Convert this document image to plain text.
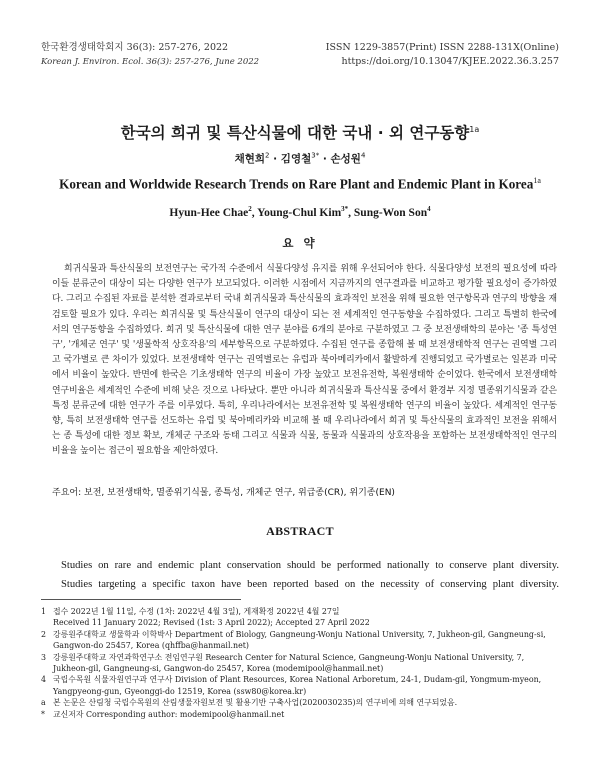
한국환경생태학회지 36(3): 257-276, 2022
Korean J. Environ. Ecol. 36(3): 257-276, June 2022
ISSN 1229-3857(Print) ISSN 2288-131X(Online)
https://doi.org/10.13047/KJEE.2022.36.3.257
한국의 희귀 및 특산식물에 대한 국내 · 외 연구동향$^{1a}$
채현희$^2$ · 김영철$^{3*}$ · 손성원$^4$
Korean and Worldwide Research Trends on Rare Plant and Endemic Plant in Korea$^{1a}$
Hyun-Hee Chae$^2$, Young-Chul Kim$^{3*}$, Sung-Won Son$^4$
요 약
희귀식물과 특산식물의 보전연구는 국가적 수준에서 식물다양성 유지를 위해 우선되어야 한다. 식물다양성 보전의 필요성에 따라 이들 분류군이 대상이 되는 다양한 연구가 보고되었다. 이러한 시점에서 지금까지의 연구결과를 비교하고 평가할 필요성이 증가하였다. 그리고 수집된 자료를 분석한 결과로부터 국내 희귀식물과 특산식물의 효과적인 보전을 위해 필요한 연구항목과 연구의 방향을 재검토할 필요가 있다. 우리는 희귀식물 및 특산식물이 연구의 대상이 되는 전 세계적인 연구동향을 수집하였다. 그리고 특별히 한국에서의 연구동향을 수집하였다. 희귀 및 특산식물에 대한 연구 분야를 6개의 분야로 구분하였고 그 중 보전생태학의 분야는 '종 특성연구', '개체군 연구' 및 '생물학적 상호작용'의 세부항목으로 구분하였다. 수집된 연구를 종합해 볼 때 보전생태학적 연구는 권역별 그리고 국가별로 큰 차이가 있었다. 보전생태학 연구는 권역별로는 유럽과 북아메리카에서 활발하게 진행되었고 국가별로는 일본과 미국에서 비율이 높았다. 반면에 한국은 기초생태학 연구의 비율이 가장 높았고 보전유전학, 복원생태학 순이었다. 한국에서 보전생태학 연구비율은 세계적인 수준에 비해 낮은 것으로 나타났다. 뿐만 아니라 희귀식물과 특산식물 중에서 환경부 지정 멸종위기식물과 같은 특정 분류군에 대한 연구가 주를 이루었다. 특히, 우리나라에서는 보전유전학 및 복원생태학 연구의 비율이 높았다. 세계적인 연구동향, 특히 보전생태학 연구를 선도하는 유럽 및 북아메리카와 비교해 볼 때 우리나라에서 희귀 및 특산식물의 효과적인 보전을 위해서는 종 특성에 대한 정보 확보, 개체군 구조와 동태 그리고 식물과 식물, 동물과 식물과의 상호작용을 포함하는 보전생태학적인 연구의 비율을 높이는 접근이 필요함을 제안하였다.
주요어: 보전, 보전생태학, 멸종위기식물, 종특성, 개체군 연구, 위급종(CR), 위기종(EN)
ABSTRACT

Studies on rare and endemic plant conservation should be performed nationally to conserve plant diversity.

Studies targeting a specific taxon have been reported based on the necessity of conserving plant diversity.

1 접수 2022년 1월 11일, 수정 (1차: 2022년 4월 3일), 게재확정 2022년 4월 27일
Received 11 January 2022; Revised (1st: 3 April 2022); Accepted 27 April 2022
2 강릉원주대학교 생물학과 이학박사 Department of Biology, Gangneung-Wonju National University, 7, Jukheon-gil, Gangneung-si,
Gangwon-do 25457, Korea (qhffba@hanmail.net)
3 강릉원주대학교 자연과학연구소 전임연구원 Research Center for Natural Science, Gangneung-Wonju National University, 7,
Jukheon-gil, Gangneung-si, Gangwon-do 25457, Korea (modemipool@hanmail.net)
4 국립수목원 식물자원연구과 연구사 Division of Plant Resources, Korea National Arboretum, 24-1, Dudam-gil, Yongmum-myeon,
Yangpyeong-gun, Gyeonggi-do 12519, Korea (ssw80@korea.kr)
a 본 논문은 산림청 국립수목원의 산림생물자원보전 및 활용기반 구축사업(2020030235)의 연구비에 의해 연구되었음.
* 교신저자 Corresponding author: modemipool@hanmail.net
